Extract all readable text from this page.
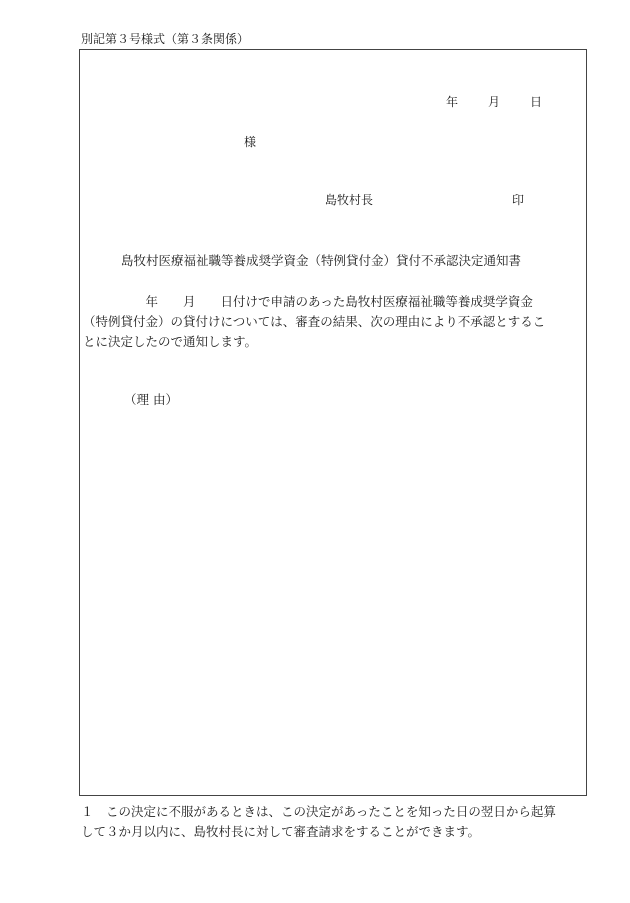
別記第３号様式（第３条関係）
年	月	日
様
島牧村長	印
島牧村医療福祉職等養成奨学資金（特例貸付金）貸付不承認決定通知書

　　　　　年　　月　　日付けで申請のあった島牧村医療福祉職等養成奨学資金
（特例貸付金）の貸付けについては、審査の結果、次の理由により不承認とするこ
とに決定したので通知します。

（理 由）

１　この決定に不服があるときは、この決定があったことを知った日の翌日から起算
して３か月以内に、島牧村長に対して審査請求をすることができます。
